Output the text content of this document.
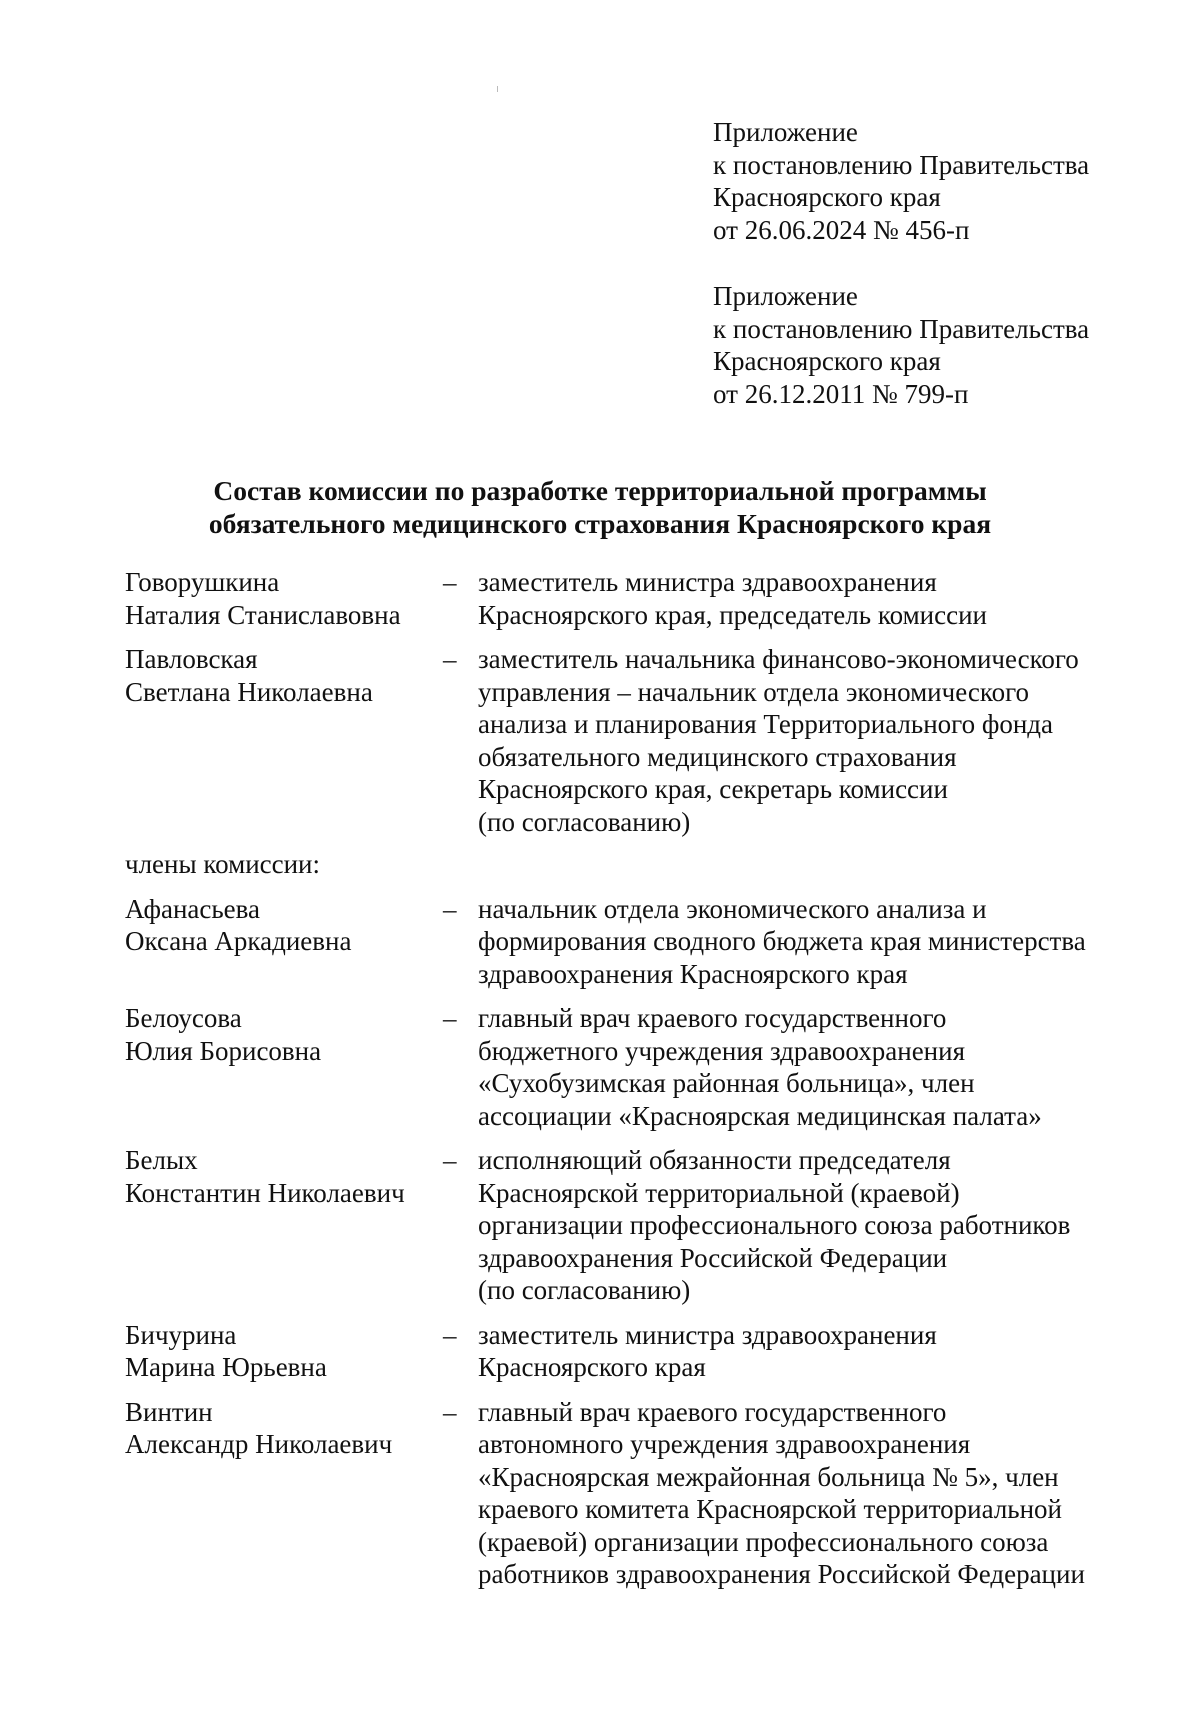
Приложение
к постановлению Правительства
Красноярского края
от 26.06.2024 № 456-п
Приложение
к постановлению Правительства
Красноярского края
от 26.12.2011 № 799-п
Состав комиссии по разработке территориальной программы
обязательного медицинского страхования Красноярского края
Говорушкина
Наталия Станиславовна
– заместитель министра здравоохранения
Красноярского края, председатель комиссии
Павловская
Светлана Николаевна
– заместитель начальника финансово-экономического
управления – начальник отдела экономического
анализа и планирования Территориального фонда
обязательного медицинского страхования
Красноярского края, секретарь комиссии
(по согласованию)
члены комиссии:
Афанасьева
Оксана Аркадиевна
– начальник отдела экономического анализа и
формирования сводного бюджета края министерства
здравоохранения Красноярского края
Белоусова
Юлия Борисовна
– главный врач краевого государственного
бюджетного учреждения здравоохранения
«Сухобузимская районная больница», член
ассоциации «Красноярская медицинская палата»
Белых
Константин Николаевич
– исполняющий обязанности председателя
Красноярской территориальной (краевой)
организации профессионального союза работников
здравоохранения Российской Федерации
(по согласованию)
Бичурина
Марина Юрьевна
– заместитель министра здравоохранения
Красноярского края
Винтин
Александр Николаевич
– главный врач краевого государственного
автономного учреждения здравоохранения
«Красноярская межрайонная больница № 5», член
краевого комитета Красноярской территориальной
(краевой) организации профессионального союза
работников здравоохранения Российской Федерации
